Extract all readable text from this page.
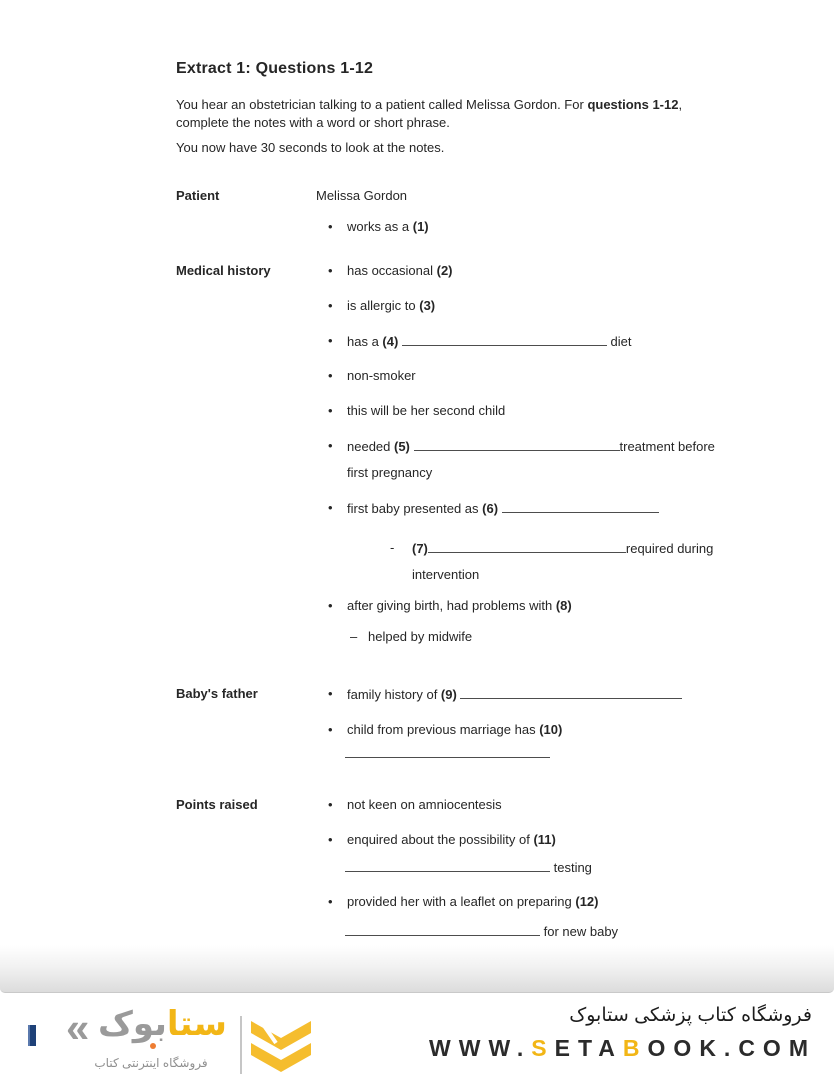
Extract 1: Questions 1-12
You hear an obstetrician talking to a patient called Melissa Gordon. For questions 1-12, complete the notes with a word or short phrase.
You now have 30 seconds to look at the notes.
Patient	Melissa Gordon
• works as a (1)
Medical history	• has occasional (2)
• is allergic to (3)
• has a (4)	diet
• non-smoker
• this will be her second child
• needed (5)	treatment before
first pregnancy
• first baby presented as (6)
- (7)	required during
intervention
• after giving birth, had problems with (8)
– helped by midwife
Baby's father	• family history of (9)
• child from previous marriage has (10)
Points raised	• not keen on amniocentesis
• enquired about the possibility of (11)
testing
• provided her with a leaflet on preparing (12)
for new baby
«	ستابوک
فروشگاه اینترنتی کتاب
فروشگاه کتاب پزشکی ستابوک
WWW.SETABOOK.COM
